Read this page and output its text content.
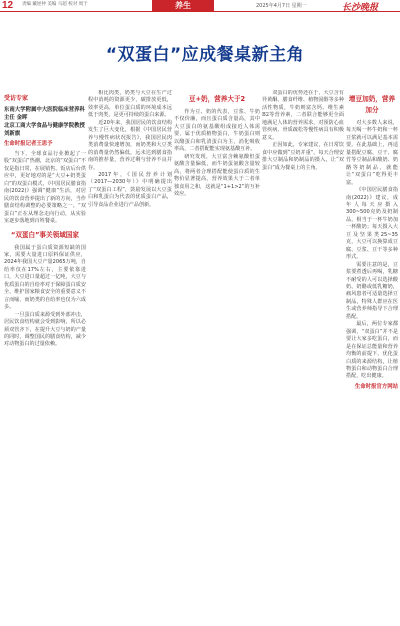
12 责编 戴逆仲 美编 马超 校对 周于	养生	2025年4月7日 星期一	长沙晚报
“双蛋白”应成餐桌新主角
受访专家
东南大学附属中大医院临床营养科主任 金晖
北京工商大学食品与健康学院教授 刘新旗
生命时报记者王思予

当下，全球食品行业掀起了一股“双蛋白”热潮，北京的“双蛋白”不仅是指日常，在展销售、饭店后台供应中，更好地对的是“大豆+奶类蛋白”的双蛋白模式，《中国居民膳食指南(2022)》强调“健康”生活，对居民的饮食营养提出了新的方向，当作膳食结构调整的必要策略之一。“双蛋白”正在从理念走向行动，从实验室逐步落地到百姓餐桌。

“双蛋白”事关领域国家

我国属于蛋白质资源短缺的国家，需要大量进口原料保证供应，2024年我国大豆产量2065万吨，自给率仅在17%左右，主要依靠进口，大豆进口量超过一亿吨，大豆与优质蛋白的自给率对于保障蛋白质安全、维护国家粮食安全的重要意义不言而喻，而奶类的自给率也仅为六成多。

一旦蛋白质来源受到外部冲击，居民饮食结构就会受到影响，所以必须双管齐下，在提升大豆与奶的产量的同时，调整国民的膳食结构，减少对动物蛋白的过量依赖。

相比肉类，奶类与大豆在生产过程中消耗的资源更少，碳排放更低，效率更高，单位蛋白质的环境成本远低于肉类，是更可持续的蛋白来源。

近20年来，我国居民的饮食结构发生了巨大变化，根据《中国居民营养与慢性病状况报告》，我国居民肉类消费量快速增加，而奶类和大豆类的消费量仍然偏低，远未达到膳食指南的推荐量，营养过剩与营养不良并存。

2017年，《国民营养计划（2017—2030年）》中明确提出了“双蛋白工程”，鼓励发展以大豆蛋白和乳蛋白为代表的优质蛋白产品，引导食品企业进行产品创新。

豆+奶，营养大于2

作为豆、奶的代表，豆浆、牛奶不仅价廉，而且蛋白质含量高，其中大豆蛋白的氨基酸组成接近人体需要，属于优质植物蛋白，牛奶蛋白则以酪蛋白和乳清蛋白为主，消化吸收率高，二者搭配能实现氨基酸互补。

研究发现，大豆富含赖氨酸但蛋氨酸含量偏低，而牛奶蛋氨酸含量较高，将两者合理搭配能使蛋白质的生物价显著提高，营养效果大于二者单独食用之和，这就是“1+1>2”的互补效应。

双蛋白的优势还在于，大豆含有异黄酮、膳食纤维、植物固醇等多种活性物质，牛奶则富含钙、维生素B2等营养素，二者联合能够更全面地满足人体的营养需求，对预防心血管疾病、骨质疏松等慢性病具有积极意义。

正因如此，专家建议，在日常饮食中应做到“豆奶并重”，每天合理安排大豆制品和奶制品的摄入，让“双蛋白”成为餐桌上的主角。

增豆加奶，营养加分

对大多数人来说，每天喝一杯牛奶和一杯豆浆就可以满足基本需要。在此基础上，再适量搭配豆腐、豆干、腐竹等豆制品和酸奶、奶酪等奶制品，就能让“双蛋白”吃得更丰富。

《中国居民膳食指南(2022)》建议，成年人每天应摄入300~500克奶及奶制品，相当于一杯牛奶加一杯酸奶；每天摄入大豆及坚果类25~35克，大豆可以换算成豆腐、豆浆、豆干等多种形式。

需要注意的是，豆浆要煮透后再喝，乳糖不耐受的人可以选择酸奶、奶酪或低乳糖奶，痛风患者可适量选择豆制品，特殊人群应在医生或营养师指导下合理搭配。

最后，两位专家都强调，“双蛋白”并不是要让大家多吃蛋白，而是在保证总能量和营养均衡的前提下，优化蛋白质的来源结构，让植物蛋白和动物蛋白合理搭配，吃出健康。

生命时报官方网站
